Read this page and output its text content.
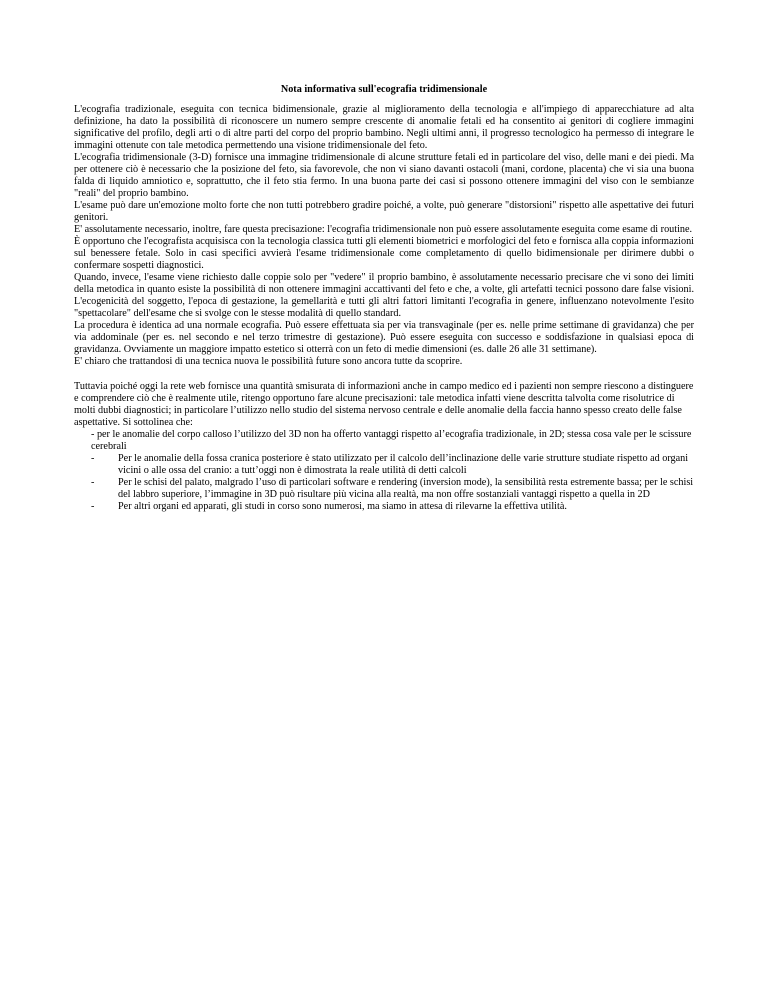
Nota informativa sull'ecografia tridimensionale

L'ecografia tradizionale, eseguita con tecnica bidimensionale, grazie al miglioramento della tecnologia e all'impiego di apparecchiature ad alta definizione, ha dato la possibilità di riconoscere un numero sempre crescente di anomalie fetali ed ha consentito ai genitori di cogliere immagini significative del profilo, degli arti o di altre parti del corpo del proprio bambino. Negli ultimi anni, il progresso tecnologico ha permesso di integrare le immagini ottenute con tale metodica permettendo una visione tridimensionale del feto.

L'ecografia tridimensionale (3-D) fornisce una immagine tridimensionale di alcune strutture fetali ed in particolare del viso, delle mani e dei piedi. Ma per ottenere ciò è necessario che la posizione del feto, sia favorevole, che non vi siano davanti ostacoli (mani, cordone, placenta) che vi sia una buona falda di liquido amniotico e, soprattutto, che il feto stia fermo. In una buona parte dei casi si possono ottenere immagini del viso con le sembianze "reali" del proprio bambino.

L'esame può dare un'emozione molto forte che non tutti potrebbero gradire poiché, a volte, può generare "distorsioni" rispetto alle aspettative dei futuri genitori.

E' assolutamente necessario, inoltre, fare questa precisazione: l'ecografia tridimensionale non può essere assolutamente eseguita come esame di routine.

È opportuno che l'ecografista acquisisca con la tecnologia classica tutti gli elementi biometrici e morfologici del feto e fornisca alla coppia informazioni sul benessere fetale. Solo in casi specifici avvierà l'esame tridimensionale come completamento di quello bidimensionale per dirimere dubbi o confermare sospetti diagnostici.

Quando, invece, l'esame viene richiesto dalle coppie solo per "vedere" il proprio bambino, è assolutamente necessario precisare che vi sono dei limiti della metodica in quanto esiste la possibilità di non ottenere immagini accattivanti del feto e che, a volte, gli artefatti tecnici possono dare false visioni. L'ecogenicità del soggetto, l'epoca di gestazione, la gemellarità e tutti gli altri fattori limitanti l'ecografia in genere, influenzano notevolmente l'esito "spettacolare" dell'esame che si svolge con le stesse modalità di quello standard.

La procedura è identica ad una normale ecografia. Può essere effettuata sia per via transvaginale (per es. nelle prime settimane di gravidanza) che per via addominale (per es. nel secondo e nel terzo trimestre di gestazione). Può essere eseguita con successo e soddisfazione in qualsiasi epoca di gravidanza. Ovviamente un maggiore impatto estetico si otterrà con un feto di medie dimensioni (es. dalle 26 alle 31 settimane).

E' chiaro che trattandosi di una tecnica nuova le possibilità future sono ancora tutte da scoprire.

Tuttavia poiché oggi la rete web fornisce una quantità smisurata di informazioni anche in campo medico ed i pazienti non sempre riescono a distinguere e comprendere ciò che è realmente utile, ritengo opportuno fare alcune precisazioni: tale metodica infatti viene descritta talvolta come risolutrice di molti dubbi diagnostici; in particolare l’utilizzo nello studio del sistema nervoso centrale e delle anomalie della faccia hanno spesso creato delle false aspettative. Si sottolinea che:

- per le anomalie del corpo calloso l’utilizzo del 3D non ha offerto vantaggi rispetto al’ecografia tradizionale, in 2D; stessa cosa vale per le scissure cerebrali
-	Per le anomalie della fossa cranica posteriore è stato utilizzato per il calcolo dell’inclinazione delle varie strutture studiate rispetto ad organi vicini o alle ossa del cranio: a tutt’oggi non è dimostrata la reale utilità di detti calcoli
-	Per le schisi del palato, malgrado l’uso di particolari software e rendering (inversion mode), la sensibilità resta estremente bassa; per le schisi del labbro superiore, l’immagine in 3D può risultare più vicina alla realtà, ma non offre sostanziali vantaggi rispetto a quella in 2D
-	Per altri organi ed apparati, gli studi in corso sono numerosi, ma siamo in attesa di rilevarne la effettiva utilità.
